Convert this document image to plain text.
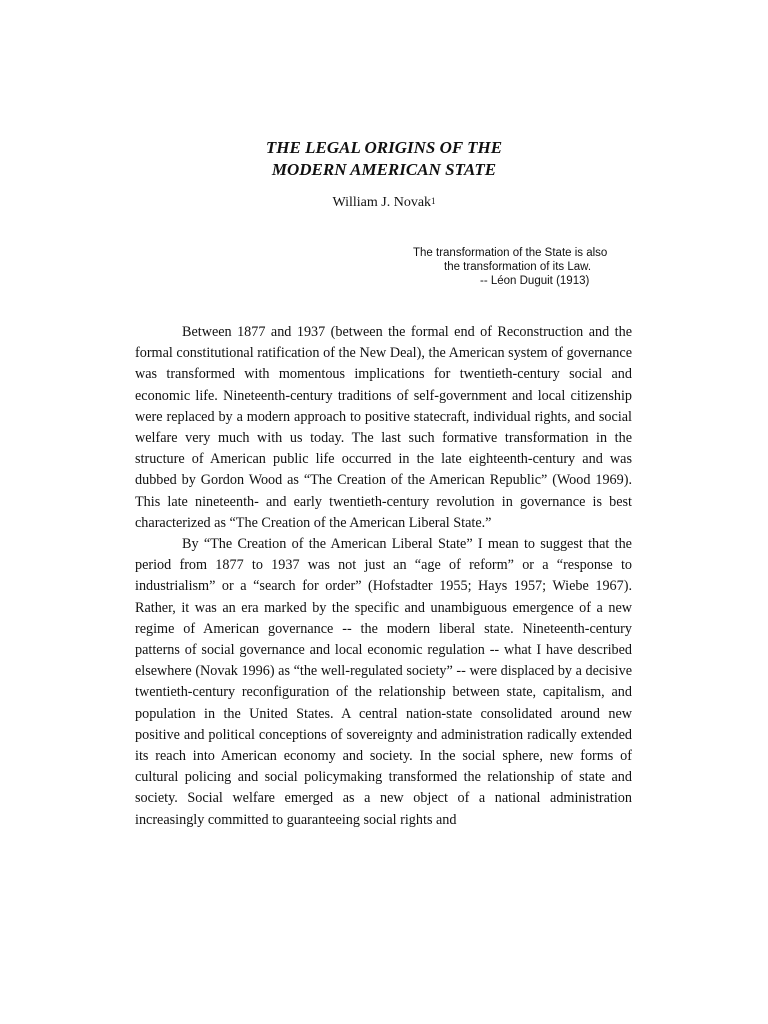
THE LEGAL ORIGINS OF THE
MODERN AMERICAN STATE
William J. Novak$^1$
The transformation of the State is also
the transformation of its Law.
-- Léon Duguit (1913)

Between 1877 and 1937 (between the formal end of Reconstruction and the formal constitutional ratification of the New Deal), the American system of governance was transformed with momentous implications for twentieth-century social and economic life. Nineteenth-century traditions of self-government and local citizenship were replaced by a modern approach to positive statecraft, individual rights, and social welfare very much with us today. The last such formative transformation in the structure of American public life occurred in the late eighteenth-century and was dubbed by Gordon Wood as “The Creation of the American Republic” (Wood 1969). This late nineteenth- and early twentieth-century revolution in governance is best characterized as “The Creation of the American Liberal State.”

By “The Creation of the American Liberal State” I mean to suggest that the period from 1877 to 1937 was not just an “age of reform” or a “response to industrialism” or a “search for order” (Hofstadter 1955; Hays 1957; Wiebe 1967). Rather, it was an era marked by the specific and unambiguous emergence of a new regime of American governance -- the modern liberal state. Nineteenth-century patterns of social governance and local economic regulation -- what I have described elsewhere (Novak 1996) as “the well-regulated society” -- were displaced by a decisive twentieth-century reconfiguration of the relationship between state, capitalism, and population in the United States. A central nation-state consolidated around new positive and political conceptions of sovereignty and administration radically extended its reach into American economy and society. In the social sphere, new forms of cultural policing and social policymaking transformed the relationship of state and society. Social welfare emerged as a new object of a national administration increasingly committed to guaranteeing social rights and
